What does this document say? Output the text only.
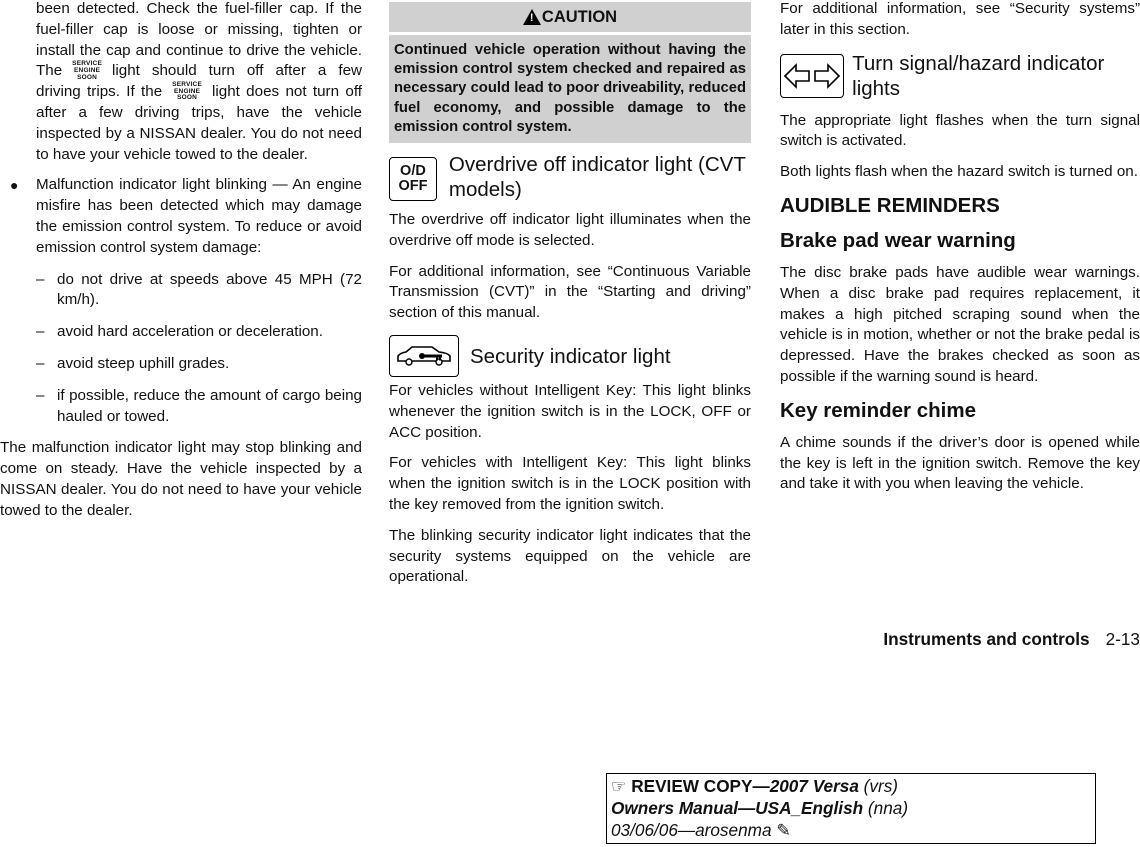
been detected. Check the fuel-filler cap. If the fuel-filler cap is loose or missing, tighten or install the cap and continue to drive the vehicle. The SERVICE
ENGINE
SOON light should turn off after a few driving trips. If the SERVICE
ENGINE
SOON light does not turn off after a few driving trips, have the vehicle inspected by a NISSAN dealer. You do not need to have your vehicle towed to the dealer.

● Malfunction indicator light blinking — An engine misfire has been detected which may damage the emission control system. To reduce or avoid emission control system damage:

– do not drive at speeds above 45 MPH (72 km/h).

– avoid hard acceleration or deceleration.

– avoid steep uphill grades.

– if possible, reduce the amount of cargo being hauled or towed.

The malfunction indicator light may stop blinking and come on steady. Have the vehicle inspected by a NISSAN dealer. You do not need to have your vehicle towed to the dealer.

! CAUTION
Continued vehicle operation without having the emission control system checked and repaired as necessary could lead to poor driveability, reduced fuel economy, and possible damage to the emission control system.
O/D
OFF
Overdrive off indicator light (CVT models)

The overdrive off indicator light illuminates when the overdrive off mode is selected.

For additional information, see “Continuous Variable Transmission (CVT)” in the “Starting and driving” section of this manual.

Security indicator light

For vehicles without Intelligent Key: This light blinks whenever the ignition switch is in the LOCK, OFF or ACC position.

For vehicles with Intelligent Key: This light blinks when the ignition switch is in the LOCK position with the key removed from the ignition switch.

The blinking security indicator light indicates that the security systems equipped on the vehicle are operational.

For additional information, see “Security systems” later in this section.

Turn signal/hazard indicator lights

The appropriate light flashes when the turn signal switch is activated.

Both lights flash when the hazard switch is turned on.

AUDIBLE REMINDERS
Brake pad wear warning

The disc brake pads have audible wear warnings. When a disc brake pad requires replacement, it makes a high pitched scraping sound when the vehicle is in motion, whether or not the brake pedal is depressed. Have the brakes checked as soon as possible if the warning sound is heard.

Key reminder chime

A chime sounds if the driver’s door is opened while the key is left in the ignition switch. Remove the key and take it with you when leaving the vehicle.

Instruments and controls 2-13
☞ REVIEW COPY—2007 Versa (vrs)
Owners Manual—USA_English (nna)
03/06/06—arosenma ✎
